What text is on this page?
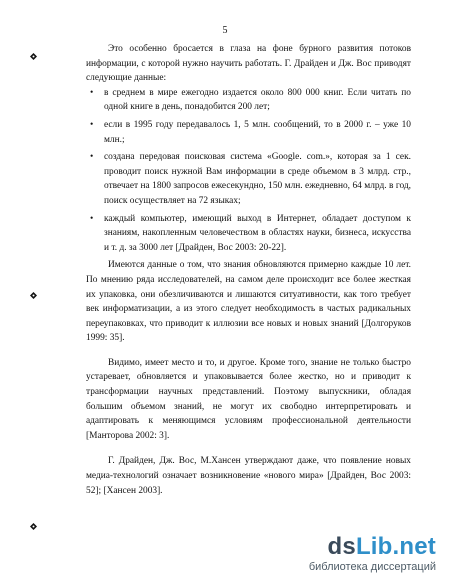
5

Это особенно бросается в глаза на фоне бурного развития потоков информации, с которой нужно научить работать. Г. Драйден и Дж. Вос приводят следующие данные:

• в среднем в мире ежегодно издается около 800 000 книг. Если читать по одной книге в день, понадобится 200 лет;

• если в 1995 году передавалось 1, 5 млн. сообщений, то в 2000 г. – уже 10 млн.;

• создана передовая поисковая система «Google. com.», которая за 1 сек. проводит поиск нужной Вам информации в среде объемом в 3 млрд. стр., отвечает на 1800 запросов ежесекундно, 150 млн. ежедневно, 64 млрд. в год, поиск осуществляет на 72 языках;

• каждый компьютер, имеющий выход в Интернет, обладает доступом к знаниям, накопленным человечеством в областях науки, бизнеса, искусства и т. д. за 3000 лет [Драйден, Вос 2003: 20-22].

Имеются данные о том, что знания обновляются примерно каждые 10 лет. По мнению ряда исследователей, на самом деле происходит все более жесткая их упаковка, они обезличиваются и лишаются ситуативности, как того требует век информатизации, а из этого следует необходимость в частых радикальных переупаковках, что приводит к иллюзии все новых и новых знаний [Долгоруков 1999: 35].

Видимо, имеет место и то, и другое. Кроме того, знание не только быстро устаревает, обновляется и упаковывается более жестко, но и приводит к трансформации научных представлений. Поэтому выпускники, обладая большим объемом знаний, не могут их свободно интерпретировать и адаптировать к меняющимся условиям профессиональной деятельности [Манторова 2002: 3].

Г. Драйден, Дж. Вос, М.Хансен утверждают даже, что появление новых медиа-технологий означает возникновение «нового мира» [Драйден, Вос 2003: 52]; [Хансен 2003].

dsLib.net
библиотека диссертаций
